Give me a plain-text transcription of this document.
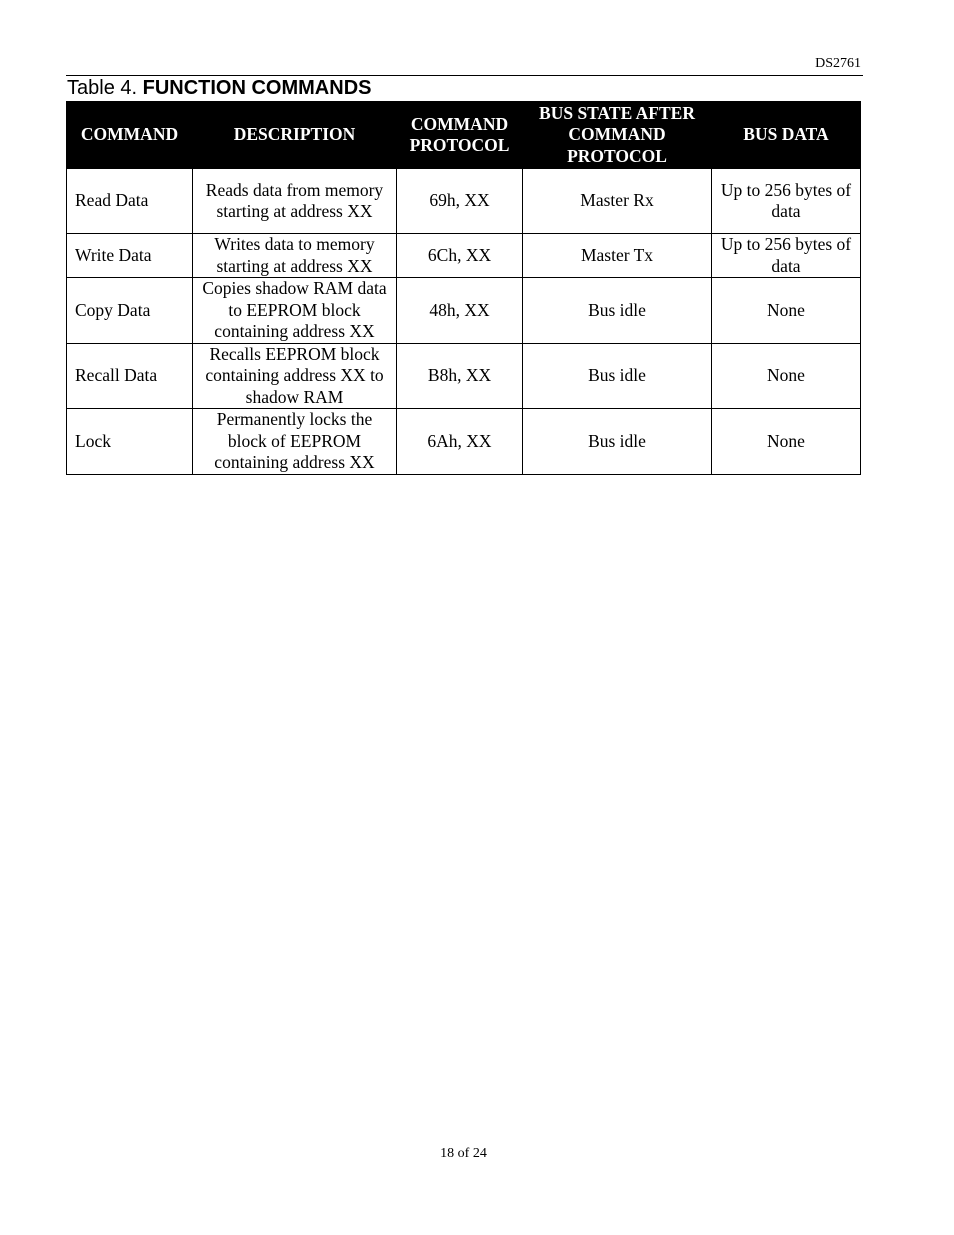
DS2761
Table 4. FUNCTION COMMANDS
COMMAND	DESCRIPTION	COMMAND PROTOCOL	BUS STATE AFTER COMMAND PROTOCOL	BUS DATA
Read Data	Reads data from memory starting at address XX	69h, XX	Master Rx	Up to 256 bytes of data
Write Data	Writes data to memory starting at address XX	6Ch, XX	Master Tx	Up to 256 bytes of data
Copy Data	Copies shadow RAM data to EEPROM block containing address XX	48h, XX	Bus idle	None
Recall Data	Recalls EEPROM block containing address XX to shadow RAM	B8h, XX	Bus idle	None
Lock	Permanently locks the block of EEPROM containing address XX	6Ah, XX	Bus idle	None
18 of 24
